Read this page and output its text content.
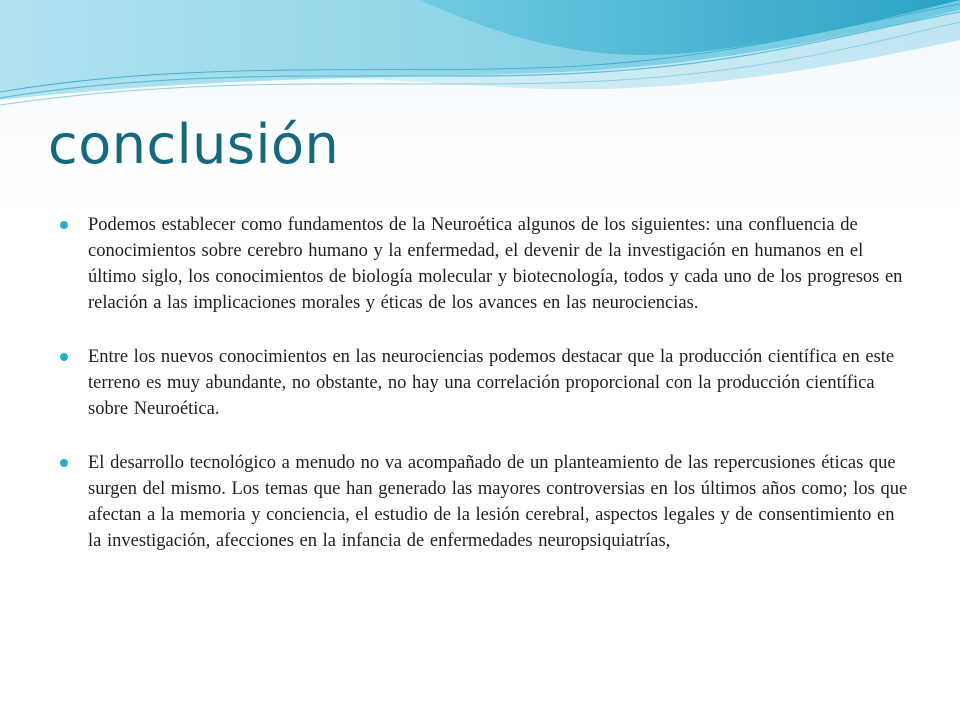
conclusión
Podemos establecer como fundamentos de la Neuroética algunos de los siguientes: una confluencia de conocimientos sobre cerebro humano y la enfermedad, el devenir de la investigación en humanos en el último siglo, los conocimientos de biología molecular y biotecnología, todos y cada uno de los progresos en relación a las implicaciones morales y éticas de los avances en las neurociencias.
Entre los nuevos conocimientos en las neurociencias podemos destacar que la producción científica en este terreno es muy abundante, no obstante, no hay una correlación proporcional con la producción científica sobre Neuroética.
El desarrollo tecnológico a menudo no va acompañado de un planteamiento de las repercusiones éticas que surgen del mismo. Los temas que han generado las mayores controversias en los últimos años como; los que afectan a la memoria y conciencia, el estudio de la lesión cerebral, aspectos legales y de consentimiento en la investigación, afecciones en la infancia de enfermedades neuropsiquiatrías,
